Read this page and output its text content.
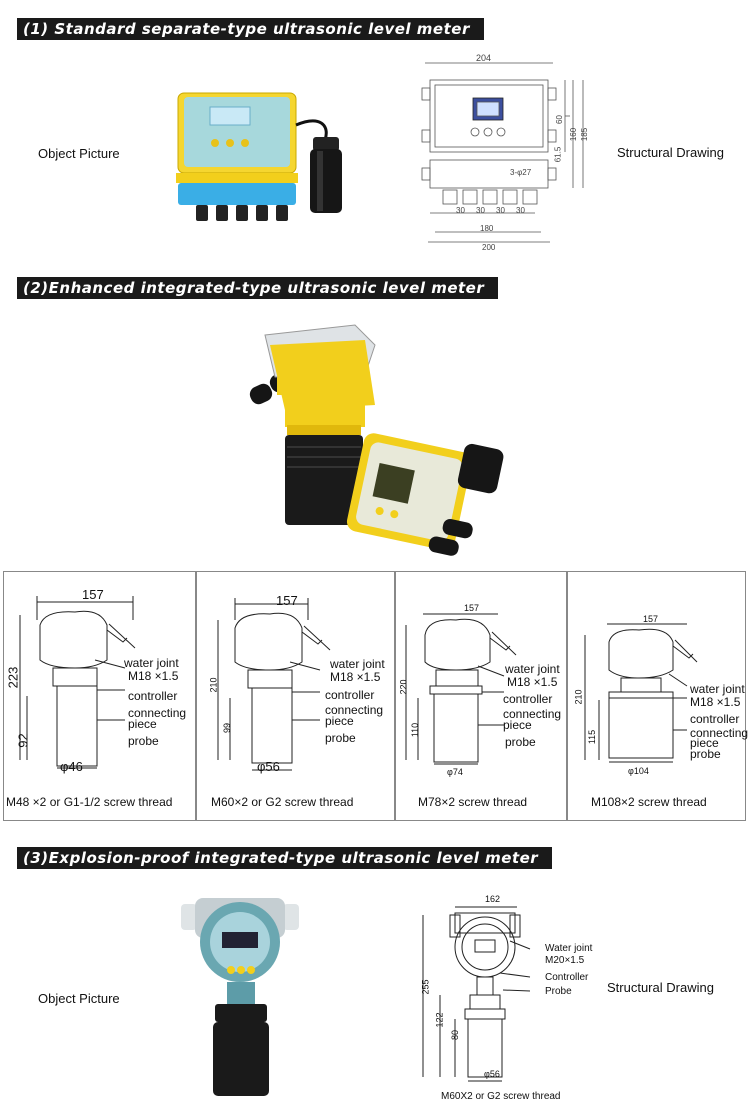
(1) Standard separate-type ultrasonic level meter
Object Picture	Structural Drawing
204
60
160 185
61.5
3-φ27
30 30 30 30
180
200
(2)Enhanced integrated-type ultrasonic level meter
157
223
92
φ46
water joint
M18 ×1.5
controller
connecting
piece
probe
M48 ×2 or G1-1/2 screw thread
157
210
99
φ56
water joint
M18 ×1.5
controller
connecting
piece
probe
M60×2 or G2 screw thread
157
220
110
φ74
water joint
M18 ×1.5
controller
connecting
piece
probe
M78×2 screw thread
157
210
115
φ104
water joint
M18 ×1.5
controller
connecting
piece
probe
M108×2 screw thread
(3)Explosion-proof integrated-type ultrasonic level meter
Object Picture
Structural Drawing
162
255
122
80
φ56
Water joint
M20×1.5
Controller
Probe
M60X2 or G2 screw thread
